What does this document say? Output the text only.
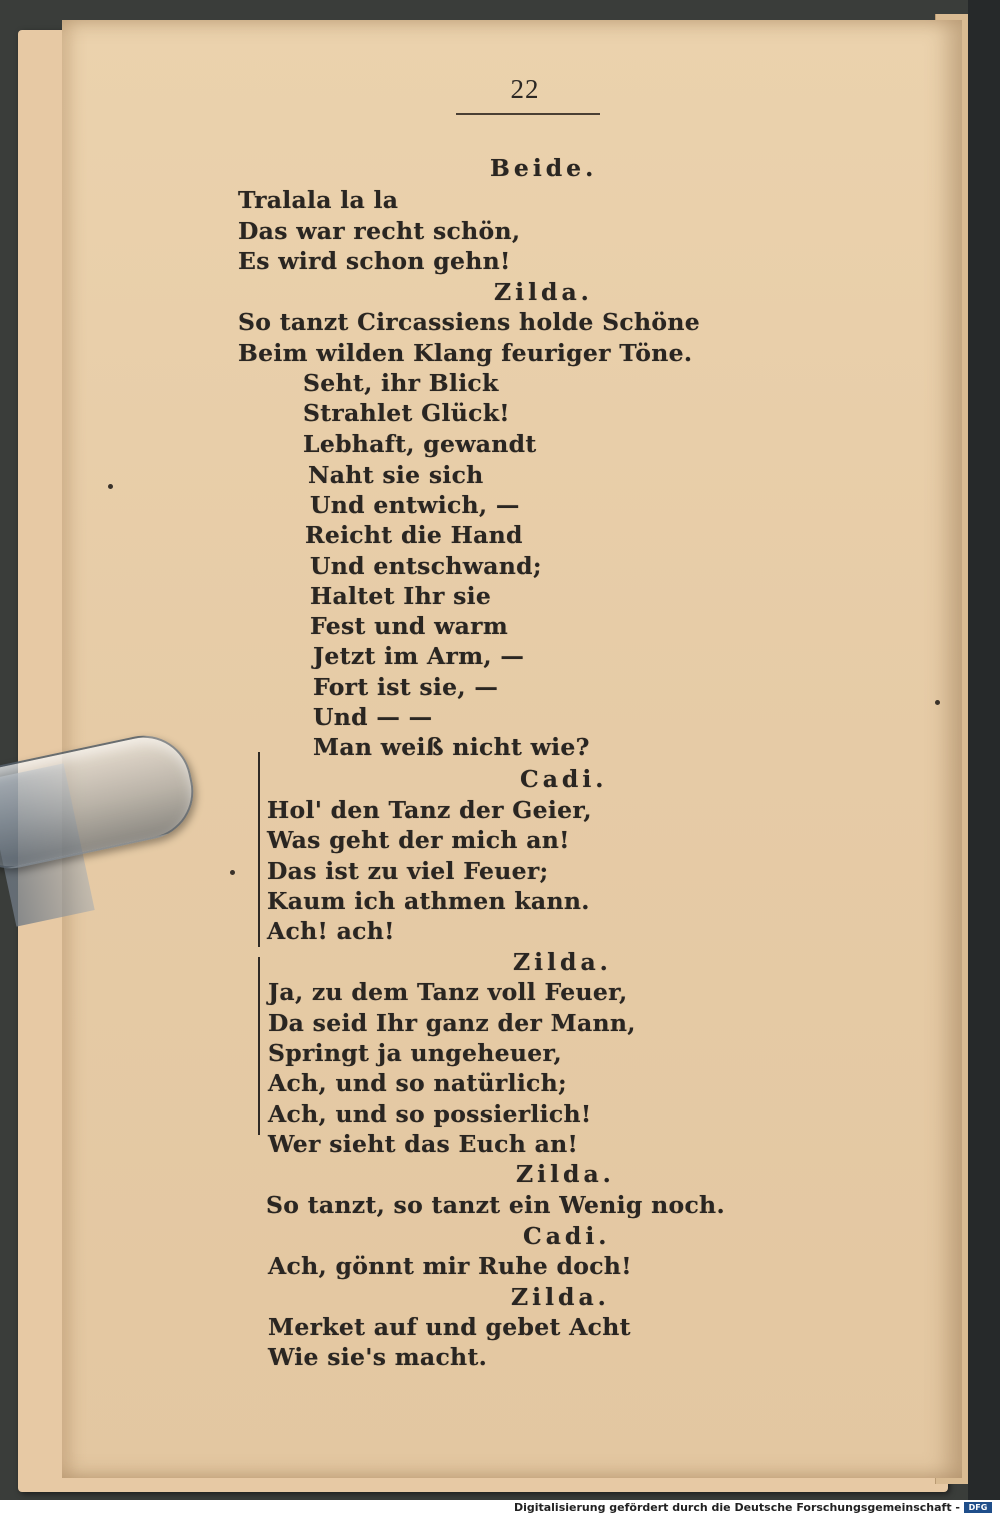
22
Beide.
Tralala la la
Das war recht schön,
Es wird schon gehn!
Zilda.
So tanzt Circassiens holde Schöne
Beim wilden Klang feuriger Töne.
Seht, ihr Blick
Strahlet Glück!
Lebhaft, gewandt
Naht sie sich
Und entwich, —
Reicht die Hand
Und entschwand;
Haltet Ihr sie
Fest und warm
Jetzt im Arm, —
Fort ist sie, —
Und — —
Man weiß nicht wie?
Cadi.
Hol' den Tanz der Geier,
Was geht der mich an!
Das ist zu viel Feuer;
Kaum ich athmen kann.
Ach! ach!
Zilda.
Ja, zu dem Tanz voll Feuer,
Da seid Ihr ganz der Mann,
Springt ja ungeheuer,
Ach, und so natürlich;
Ach, und so possierlich!
Wer sieht das Euch an!
Zilda.
So tanzt, so tanzt ein Wenig noch.
Cadi.
Ach, gönnt mir Ruhe doch!
Zilda.
Merket auf und gebet Acht
Wie sie's macht.
Digitalisierung gefördert durch die Deutsche Forschungsgemeinschaft -	DFG
